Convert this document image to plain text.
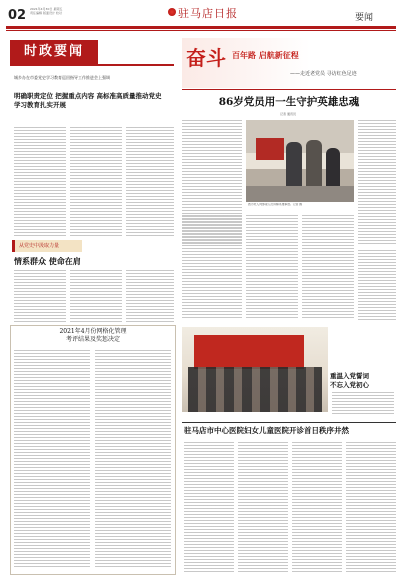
02 2021年4月30日 星期五
责任编辑 版面设计 校对	驻马店日报	要闻
时政要闻
城乡办在市委党史学习教育巡回指导工作推进会上强调
明确职责定位 把握重点内容 高标准高质量推动党史学习教育扎实开展
从党史中汲取力量
情系群众 使命在肩
2021年4月份网格化管理
考评结果及奖惩决定
奋斗 百年路 启航新征程
——走近老党员 寻访红色足迹
86岁党员用一生守护英雄忠魂
记者 通讯员
图为老人向参观人员讲解英雄事迹。记者 摄
重温入党誓词
不忘入党初心
驻马店市中心医院妇女儿童医院开诊首日秩序井然
